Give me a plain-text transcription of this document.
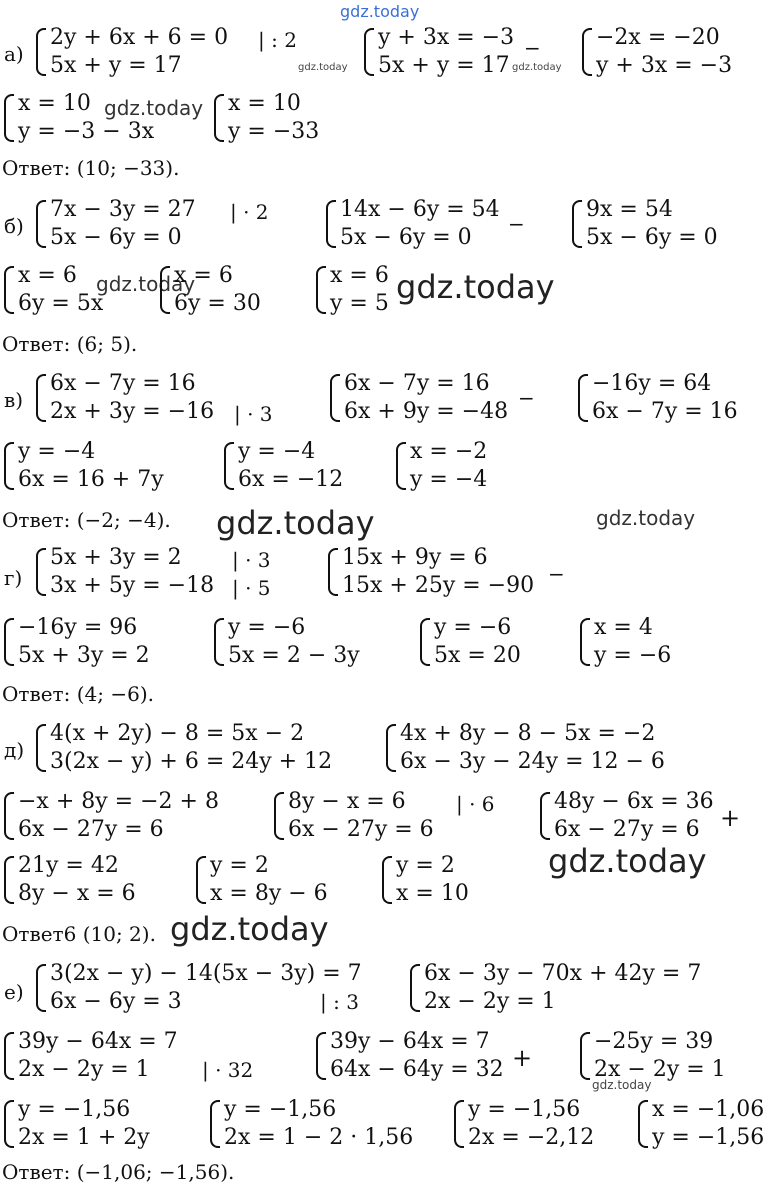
gdz.today
а)
2y + 6x + 6 = 0
5x + y = 17
| : 2
gdz.today
y + 3x = −3
5x + y = 17
−
gdz.today
−2x = −20
y + 3x = −3
x = 10
y = −3 − 3x
gdz.today x = 10
y = −33
Ответ: (10; −33).
б)
7x − 3y = 27
5x − 6y = 0
| · 2	14x − 6y = 54
5x − 6y = 0
−
9x = 54
5x − 6y = 0
x = 6
6y = 5x
gdz.today
x = 6
6y = 30
x = 6
y = 5 gdz.today
Ответ: (6; 5).
в)
6x − 7y = 16
2x + 3y = −16 | · 3
6x − 7y = 16
6x + 9y = −48
−
−16y = 64
6x − 7y = 16
y = −4
6x = 16 + 7y
y = −4
6x = −12
x = −2
y = −4
Ответ: (−2; −4). gdz.today	gdz.today
г)
5x + 3y = 2
3x + 5y = −18
| · 3
| · 5
15x + 9y = 6
15x + 25y = −90 −
−16y = 96
5x + 3y = 2
y = −6
5x = 2 − 3y
y = −6
5x = 20
x = 4
y = −6
Ответ: (4; −6).
д)
4(x + 2y) − 8 = 5x − 2
3(2x − y) + 6 = 24y + 12
4x + 8y − 8 − 5x = −2
6x − 3y − 24y = 12 − 6
−x + 8y = −2 + 8
6x − 27y = 6
8y − x = 6
6x − 27y = 6
| · 6	48y − 6x = 36
6x − 27y = 6 +
21y = 42
8y − x = 6
y = 2
x = 8y − 6
y = 2
x = 10
gdz.today
Ответ6 (10; 2). gdz.today
е)
3(2x − y) − 14(5x − 3y) = 7
6x − 6y = 3	| : 3
6x − 3y − 70x + 42y = 7
2x − 2y = 1
39y − 64x = 7
2x − 2y = 1	| · 32
39y − 64x = 7
64x − 64y = 32 +
−25y = 39
2x − 2y = 1
gdz.today
y = −1,56
2x = 1 + 2y
y = −1,56
2x = 1 − 2 · 1,56
y = −1,56
2x = −2,12
x = −1,06
y = −1,56
Ответ: (−1,06; −1,56).
